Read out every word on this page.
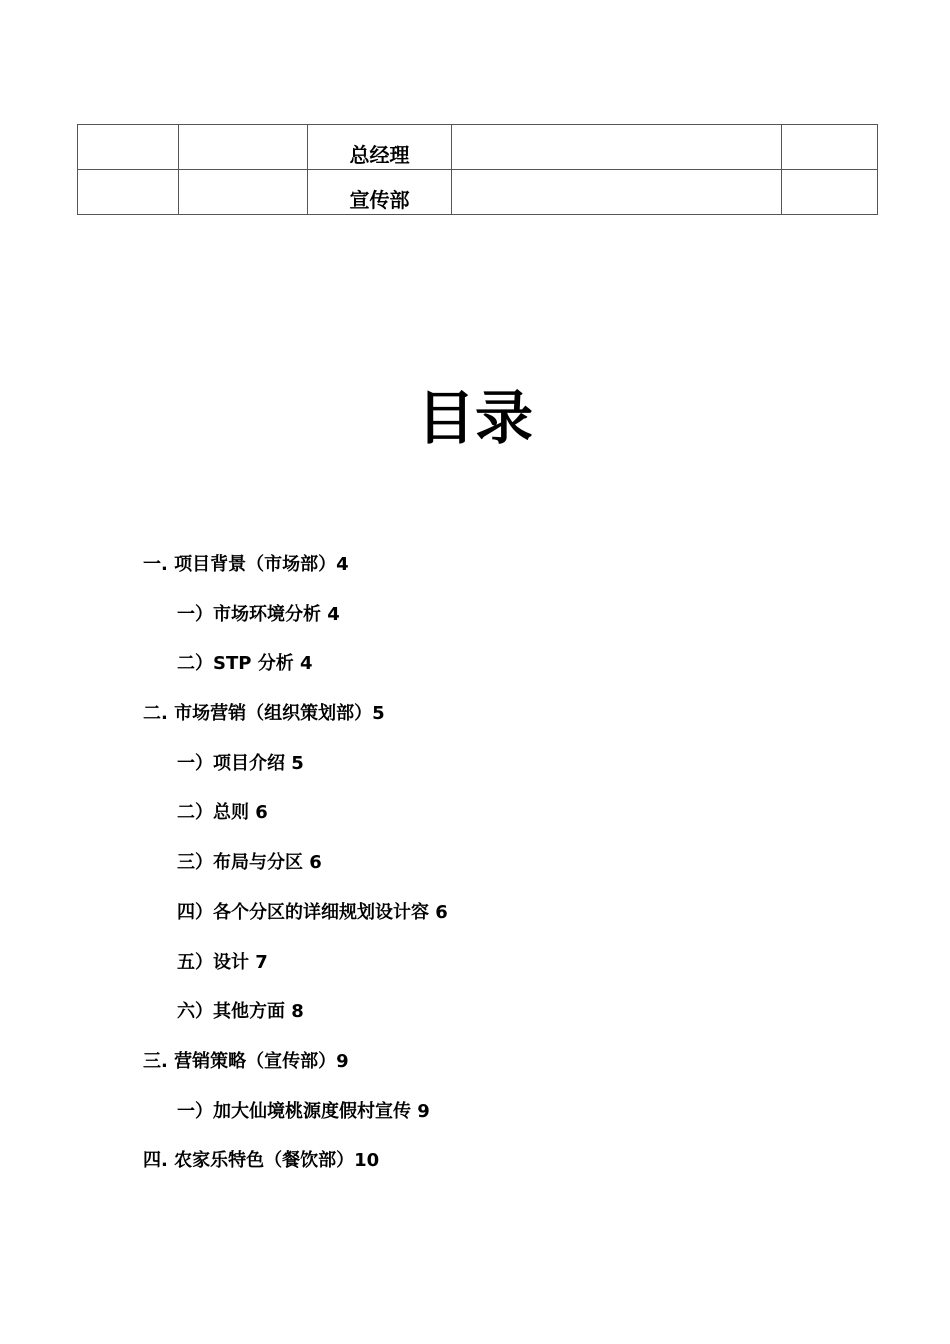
		总经理		
		宣传部		
目录
一. 项目背景（市场部）4
一）市场环境分析 4
二）STP 分析 4
二. 市场营销（组织策划部）5
一）项目介绍 5
二）总则 6
三）布局与分区 6
四）各个分区的详细规划设计容 6
五）设计 7
六）其他方面 8
三. 营销策略（宣传部）9
一）加大仙境桃源度假村宣传 9
四. 农家乐特色（餐饮部）10
